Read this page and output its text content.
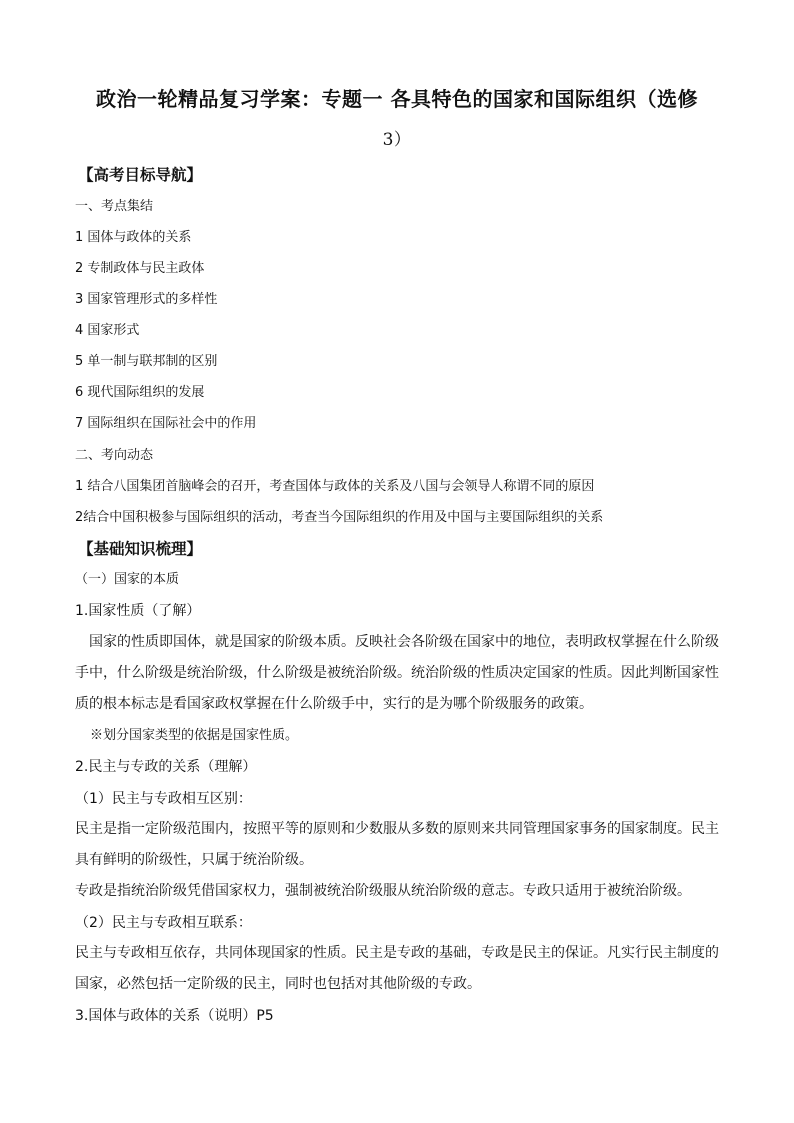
政治一轮精品复习学案：专题一 各具特色的国家和国际组织（选修
3）
【高考目标导航】
一、考点集结
1 国体与政体的关系
2 专制政体与民主政体
3 国家管理形式的多样性
4 国家形式
5 单一制与联邦制的区别
6 现代国际组织的发展
7 国际组织在国际社会中的作用
二、考向动态
1 结合八国集团首脑峰会的召开，考查国体与政体的关系及八国与会领导人称谓不同的原因
2结合中国积极参与国际组织的活动，考查当今国际组织的作用及中国与主要国际组织的关系
【基础知识梳理】
（一）国家的本质
1.国家性质（了解）
国家的性质即国体，就是国家的阶级本质。反映社会各阶级在国家中的地位，表明政权掌握在什么阶级手中，什么阶级是统治阶级，什么阶级是被统治阶级。统治阶级的性质决定国家的性质。因此判断国家性质的根本标志是看国家政权掌握在什么阶级手中，实行的是为哪个阶级服务的政策。
※划分国家类型的依据是国家性质。
2.民主与专政的关系（理解）
（1）民主与专政相互区别：
民主是指一定阶级范围内，按照平等的原则和少数服从多数的原则来共同管理国家事务的国家制度。民主具有鲜明的阶级性，只属于统治阶级。
专政是指统治阶级凭借国家权力，强制被统治阶级服从统治阶级的意志。专政只适用于被统治阶级。
（2）民主与专政相互联系：
民主与专政相互依存，共同体现国家的性质。民主是专政的基础，专政是民主的保证。凡实行民主制度的国家，必然包括一定阶级的民主，同时也包括对其他阶级的专政。
3.国体与政体的关系（说明）P5
